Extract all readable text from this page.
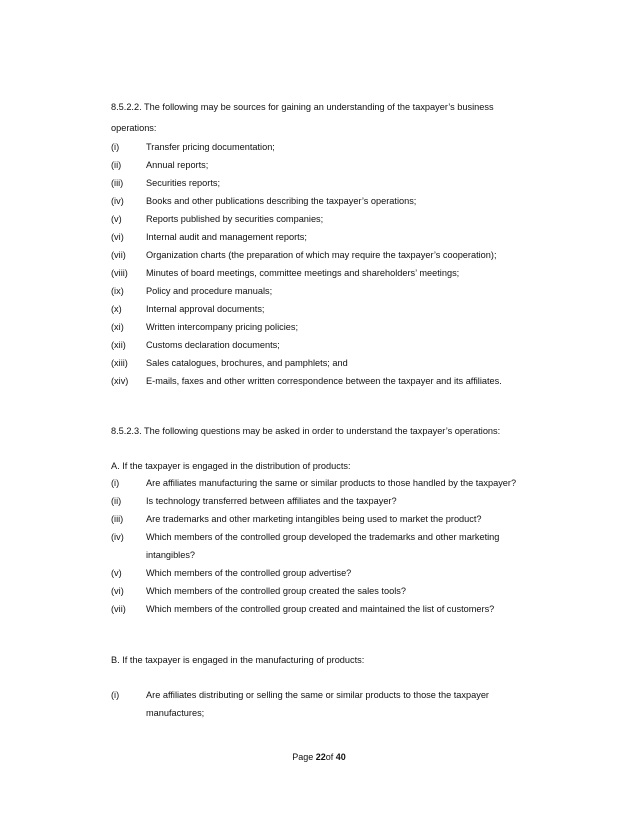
8.5.2.2. The following may be sources for gaining an understanding of the taxpayer’s business operations:

(i)	Transfer pricing documentation;
(ii)	Annual reports;
(iii)	Securities reports;
(iv)	Books and other publications describing the taxpayer’s operations;
(v)	Reports published by securities companies;
(vi)	Internal audit and management reports;
(vii)	Organization charts (the preparation of which may require the taxpayer’s cooperation);
(viii)	Minutes of board meetings, committee meetings and shareholders’ meetings;
(ix)	Policy and procedure manuals;
(x)	Internal approval documents;
(xi)	Written intercompany pricing policies;
(xii)	Customs declaration documents;
(xiii)	Sales catalogues, brochures, and pamphlets; and
(xiv)	E-mails, faxes and other written correspondence between the taxpayer and its affiliates.

8.5.2.3. The following questions may be asked in order to understand the taxpayer’s operations:

A. If the taxpayer is engaged in the distribution of products:

(i)	Are affiliates manufacturing the same or similar products to those handled by the taxpayer?
(ii)	Is technology transferred between affiliates and the taxpayer?
(iii)	Are trademarks and other marketing intangibles being used to market the product?
(iv)	Which members of the controlled group developed the trademarks and other marketing intangibles?
(v)	Which members of the controlled group advertise?
(vi)	Which members of the controlled group created the sales tools?
(vii)	Which members of the controlled group created and maintained the list of customers?

B. If the taxpayer is engaged in the manufacturing of products:

(i)	Are affiliates distributing or selling the same or similar products to those the taxpayer manufactures;
Page 22of 40
